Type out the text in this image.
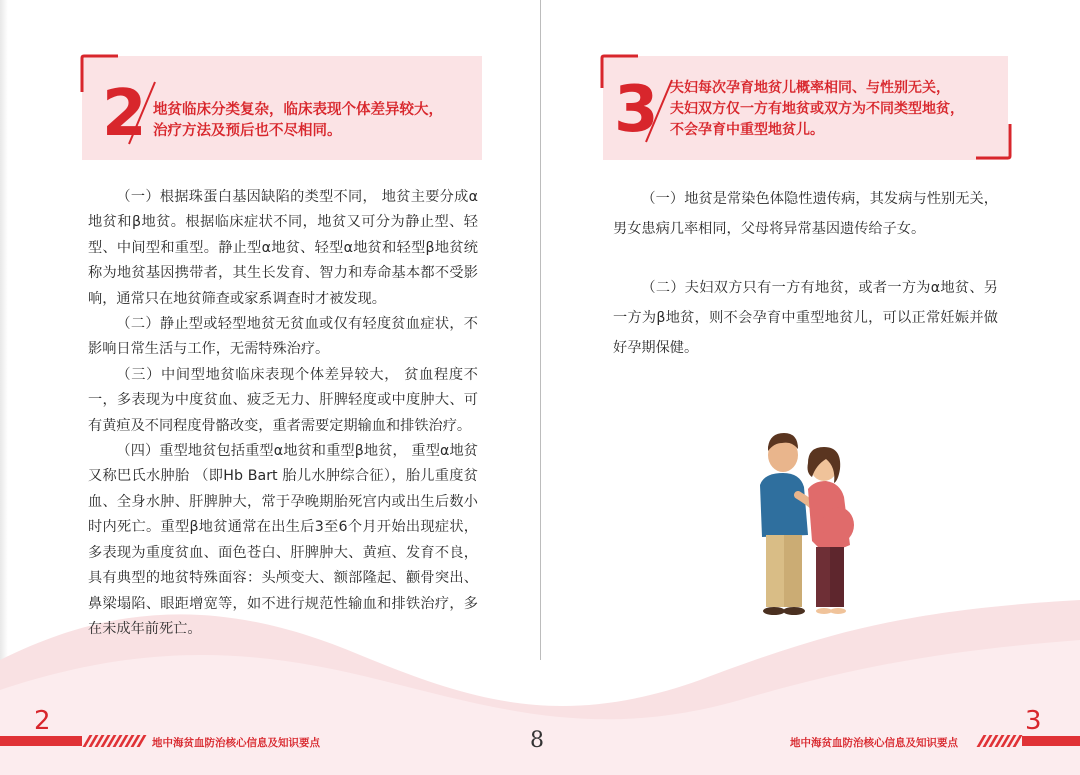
2 地贫临床分类复杂，临床表现个体差异较大，
治疗方法及预后也不尽相同。

（一）根据珠蛋白基因缺陷的类型不同， 地贫主要分成α地贫和β地贫。根据临床症状不同，地贫又可分为静止型、轻型、中间型和重型。静止型α地贫、轻型α地贫和轻型β地贫统称为地贫基因携带者，其生长发育、智力和寿命基本都不受影响，通常只在地贫筛查或家系调查时才被发现。

（二）静止型或轻型地贫无贫血或仅有轻度贫血症状，不影响日常生活与工作，无需特殊治疗。

（三）中间型地贫临床表现个体差异较大， 贫血程度不一，多表现为中度贫血、疲乏无力、肝脾轻度或中度肿大、可有黄疸及不同程度骨骼改变，重者需要定期输血和排铁治疗。

（四）重型地贫包括重型α地贫和重型β地贫， 重型α地贫又称巴氏水肿胎 （即Hb Bart 胎儿水肿综合征），胎儿重度贫血、全身水肿、肝脾肿大，常于孕晚期胎死宫内或出生后数小时内死亡。重型β地贫通常在出生后3至6个月开始出现症状，多表现为重度贫血、面色苍白、肝脾肿大、黄疸、发育不良，具有典型的地贫特殊面容：头颅变大、额部隆起、颧骨突出、鼻梁塌陷、眼距增宽等，如不进行规范性输血和排铁治疗，多在未成年前死亡。

3 夫妇每次孕育地贫儿概率相同、与性别无关，
夫妇双方仅一方有地贫或双方为不同类型地贫，
不会孕育中重型地贫儿。

（一）地贫是常染色体隐性遗传病，其发病与性别无关， 男女患病几率相同，父母将异常基因遗传给子女。

（二）夫妇双方只有一方有地贫，或者一方为α地贫、另一方为β地贫，则不会孕育中重型地贫儿，可以正常妊娠并做好孕期保健。

2
地中海贫血防治核心信息及知识要点	8	地中海贫血防治核心信息及知识要点
3
